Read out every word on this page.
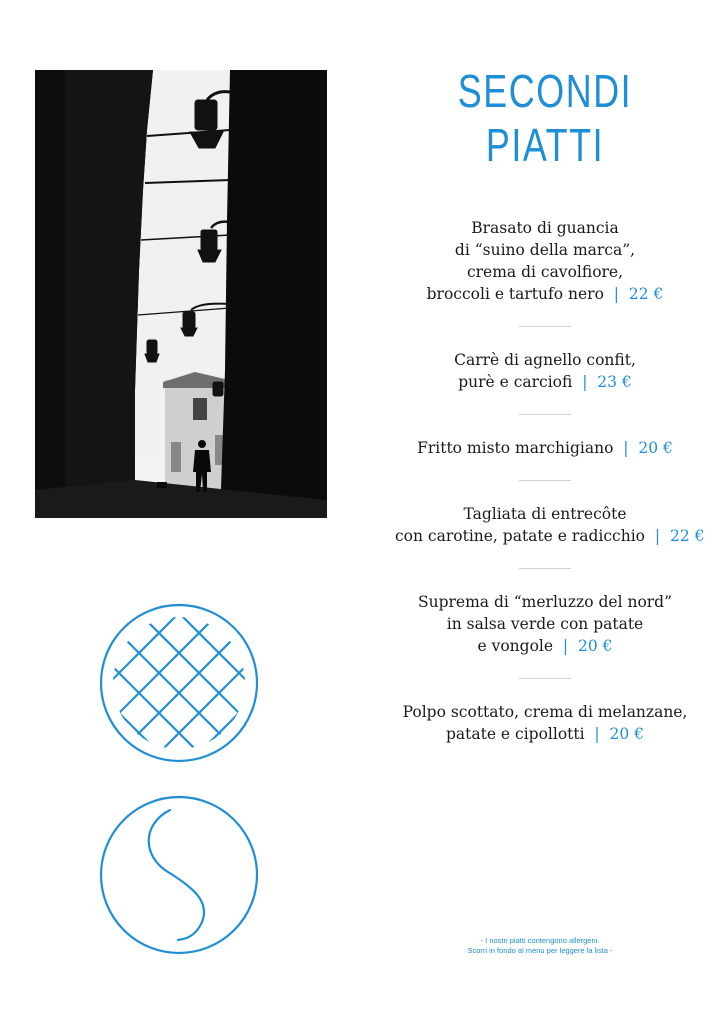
SECONDI PIATTI
Brasato di guancia
di “suino della marca”,
crema di cavolfiore,
broccoli e tartufo nero  |  22 €
Carrè di agnello confit,
purè e carciofi  |  23 €
Fritto misto marchigiano  |  20 €
Tagliata di entrecôte
con carotine, patate e radicchio  |  22 €
Suprema di “merluzzo del nord”
in salsa verde con patate
e vongole  |  20 €
Polpo scottato, crema di melanzane,
patate e cipollotti  |  20 €
- I nostri piatti contengono allergeni.
Scorri in fondo al menu per leggere la lista -
